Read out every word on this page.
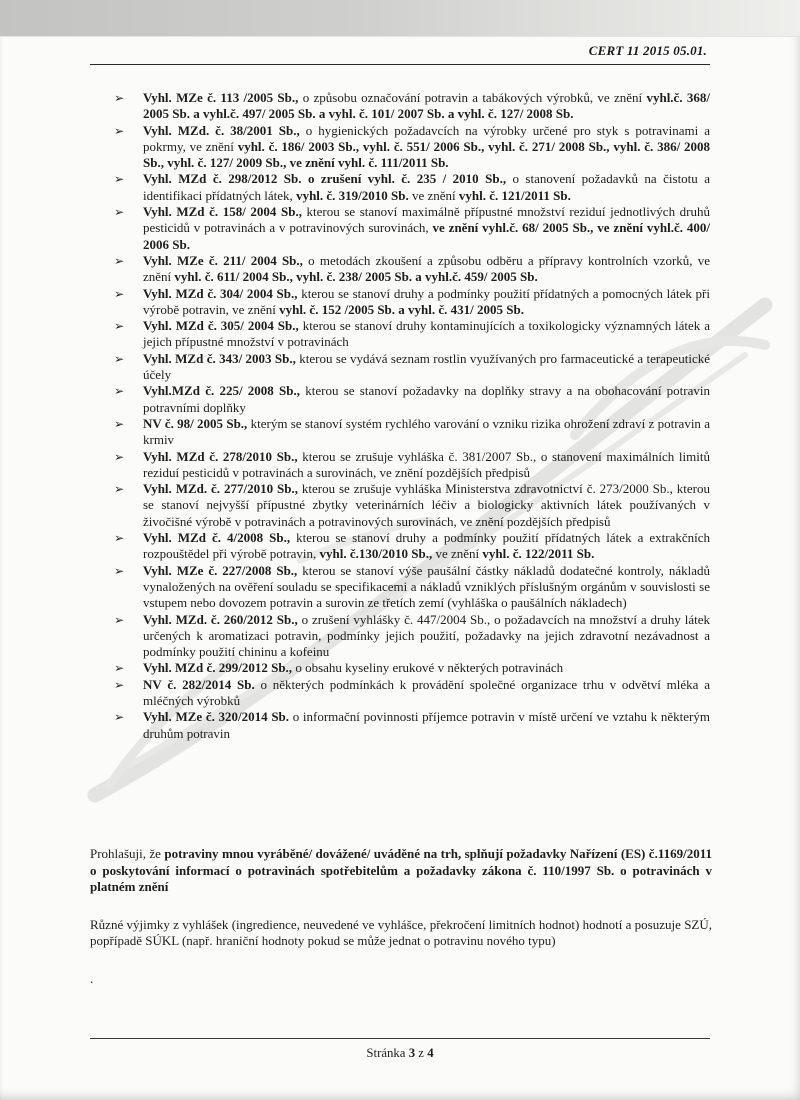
CERT 11 2015 05.01.
➢ Vyhl. MZe č. 113 /2005 Sb., o způsobu označování potravin a tabákových výrobků, ve znění vyhl.č. 368/ 2005 Sb. a vyhl.č. 497/ 2005 Sb. a vyhl. č. 101/ 2007 Sb. a vyhl. č. 127/ 2008 Sb.
➢ Vyhl. MZd. č. 38/2001 Sb., o hygienických požadavcích na výrobky určené pro styk s potravinami a pokrmy, ve znění vyhl. č. 186/ 2003 Sb., vyhl. č. 551/ 2006 Sb., vyhl. č. 271/ 2008 Sb., vyhl. č. 386/ 2008 Sb., vyhl. č. 127/ 2009 Sb., ve znění vyhl. č. 111/2011 Sb.
➢ Vyhl. MZd č. 298/2012 Sb. o zrušení vyhl. č. 235 / 2010 Sb., o stanovení požadavků na čistotu a identifikaci přídatných látek, vyhl. č. 319/2010 Sb. ve znění vyhl. č. 121/2011 Sb.
➢ Vyhl. MZd č. 158/ 2004 Sb., kterou se stanoví maximálně přípustné množství reziduí jednotlivých druhů pesticidů v potravinách a v potravinových surovinách, ve znění vyhl.č. 68/ 2005 Sb., ve znění vyhl.č. 400/ 2006 Sb.
➢ Vyhl. MZe č. 211/ 2004 Sb., o metodách zkoušení a způsobu odběru a přípravy kontrolních vzorků, ve znění vyhl. č. 611/ 2004 Sb., vyhl. č. 238/ 2005 Sb. a vyhl.č. 459/ 2005 Sb.
➢ Vyhl. MZd č. 304/ 2004 Sb., kterou se stanoví druhy a podmínky použití přídatných a pomocných látek při výrobě potravin, ve znění vyhl. č. 152 /2005 Sb. a vyhl. č. 431/ 2005 Sb.
➢ Vyhl. MZd č. 305/ 2004 Sb., kterou se stanoví druhy kontaminujících a toxikologicky významných látek a jejich přípustné množství v potravinách
➢ Vyhl. MZd č. 343/ 2003 Sb., kterou se vydává seznam rostlin využívaných pro farmaceutické a terapeutické účely
➢ Vyhl.MZd č. 225/ 2008 Sb., kterou se stanoví požadavky na doplňky stravy a na obohacování potravin potravními doplňky
➢ NV č. 98/ 2005 Sb., kterým se stanoví systém rychlého varování o vzniku rizika ohrožení zdraví z potravin a krmiv
➢ Vyhl. MZd č. 278/2010 Sb., kterou se zrušuje vyhláška č. 381/2007 Sb., o stanovení maximálních limitů reziduí pesticidů v potravinách a surovinách, ve znění pozdějších předpisů
➢ Vyhl. MZd. č. 277/2010 Sb., kterou se zrušuje vyhláška Ministerstva zdravotnictví č. 273/2000 Sb., kterou se stanoví nejvyšší přípustné zbytky veterinárních léčiv a biologicky aktivních látek používaných v živočišné výrobě v potravinách a potravinových surovinách, ve znění pozdějších předpisů
➢ Vyhl. MZd č. 4/2008 Sb., kterou se stanoví druhy a podmínky použití přídatných látek a extrakčních rozpouštědel při výrobě potravin, vyhl. č.130/2010 Sb., ve znění vyhl. č. 122/2011 Sb.
➢ Vyhl. MZe č. 227/2008 Sb., kterou se stanoví výše paušální částky nákladů dodatečné kontroly, nákladů vynaložených na ověření souladu se specifikacemi a nákladů vzniklých příslušným orgánům v souvislosti se vstupem nebo dovozem potravin a surovin ze třetích zemí (vyhláška o paušálních nákladech)
➢ Vyhl. MZd. č. 260/2012 Sb., o zrušení vyhlášky č. 447/2004 Sb., o požadavcích na množství a druhy látek určených k aromatizaci potravin, podmínky jejich použití, požadavky na jejich zdravotní nezávadnost a podmínky použití chininu a kofeinu
➢ Vyhl. MZd č. 299/2012 Sb., o obsahu kyseliny erukové v některých potravinách
➢ NV č. 282/2014 Sb. o některých podmínkách k provádění společné organizace trhu v odvětví mléka a mléčných výrobků
➢ Vyhl. MZe č. 320/2014 Sb. o informační povinnosti příjemce potravin v místě určení ve vztahu k některým druhům potravin
Prohlašuji, že potraviny mnou vyráběné/ dovážené/ uváděné na trh, splňují požadavky Nařízení (ES) č.1169/2011 o poskytování informací o potravinách spotřebitelům a požadavky zákona č. 110/1997 Sb. o potravinách v platném znění
Různé výjimky z vyhlášek (ingredience, neuvedené ve vyhlášce, překročení limitních hodnot) hodnotí a posuzuje SZÚ, popřípadě SÚKL (např. hraniční hodnoty pokud se může jednat o potravinu nového typu)
.
Stránka 3 z 4
